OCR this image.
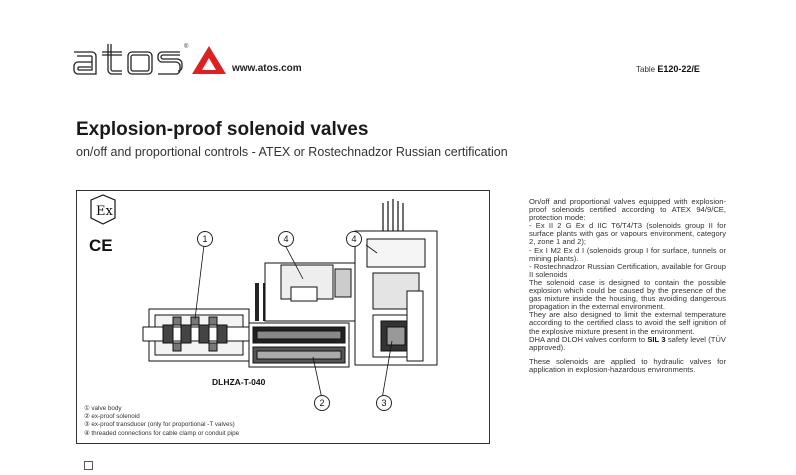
®
www.atos.com	Table E120-22/E
Explosion-proof solenoid valves
on/off and proportional controls - ATEX or Rostechnadzor Russian certification
Ex
CE	1	4	4
2	3
DLHZA-T-040
① valve body
② ex-proof solenoid
③ ex-proof transducer (only for proportional -T valves)
④ threaded connections for cable clamp or conduit pipe

On/off and proportional valves equipped with explosion-proof solenoids certified according to ATEX 94/9/CE, protection mode:

- Ex II 2 G Ex d IIC T6/T4/T3 (solenoids group II for surface plants with gas or vapours environment, category 2, zone 1 and 2);

- Ex I M2 Ex d I (solenoids group I for surface, tunnels or mining plants).

- Rostechnadzor Russian Certification, available for Group II solenoids

The solenoid case is designed to contain the possible explosion which could be caused by the presence of the gas mixture inside the housing, thus avoiding dangerous propagation in the external environment.

They are also designed to limit the external temperature according to the certified class to avoid the self ignition of the explosive mixture present in the environment.

DHA and DLOH valves conform to SIL 3 safety level (TÜV approved).

These solenoids are applied to hydraulic valves for application in explosion-hazardous environments.
